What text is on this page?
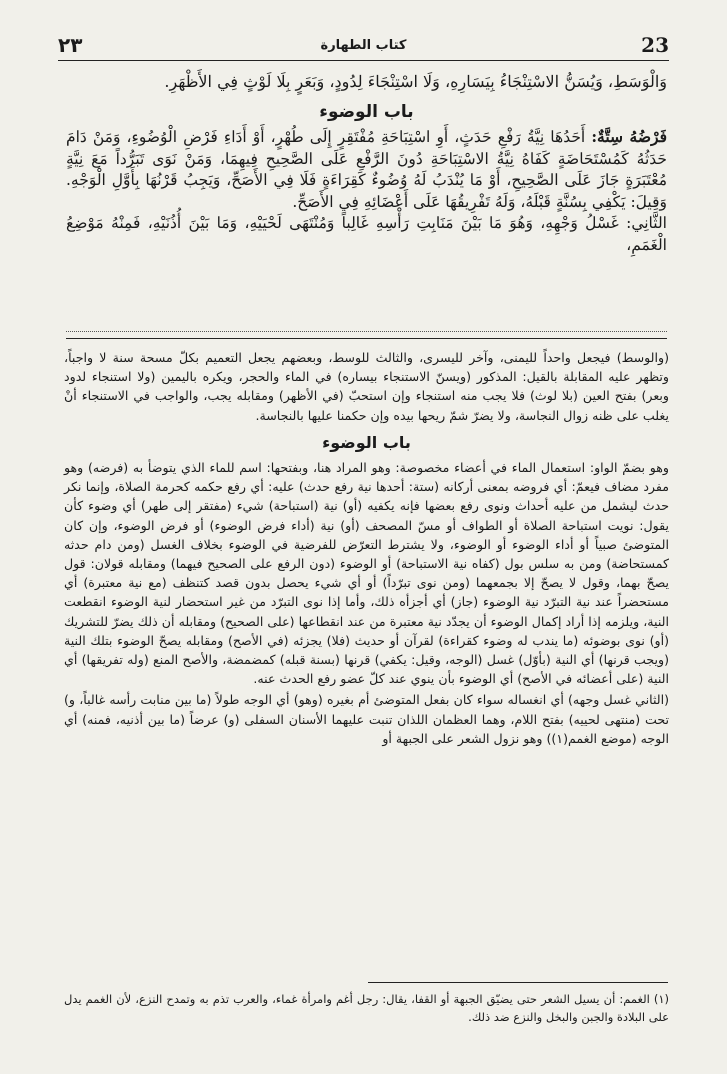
٢٣	كتاب الطهارة	23

وَالْوَسَطِ، وَيُسَنُّ الاسْتِنْجَاءُ بِيَسَارِهِ، وَلَا اسْتِنْجَاءَ لِدُودٍ، وَبَعَرٍ بِلَا لَوْثٍ فِي الأَظْهَرِ.

باب الوضوء

فَرْضُهُ سِتَّةٌ: أَحَدُهَا نِيَّةُ رَفْعِ حَدَثٍ، أَوِ اسْتِبَاحَةِ مُفْتَقِرٍ إِلَى طُهْرٍ، أَوْ أَدَاءِ فَرْضِ الْوُضُوءِ، وَمَنْ دَامَ حَدَثُهُ كَمُسْتَحَاضَةٍ كَفَاهُ نِيَّةُ الاسْتِبَاحَةِ دُونَ الرَّفْعِ عَلَى الصَّحِيحِ فِيهِمَا، وَمَنْ نَوَى تَبَرُّداً مَعَ نِيَّةٍ مُعْتَبَرَةٍ جَازَ عَلَى الصَّحِيحِ، أَوْ مَا يُنْدَبُ لَهُ وُضُوءٌ كَقِرَاءَةٍ فَلَا فِي الأَصَحِّ، وَيَجِبُ قَرْنُهَا بِأَوَّلِ الْوَجْهِ. وَقِيلَ: يَكْفِي بِسُنَّةٍ قَبْلَهُ، وَلَهُ تَفْرِيقُهَا عَلَى أَعْضَائِهِ فِي الأَصَحِّ.

الثَّانِي: غَسْلُ وَجْهِهِ، وَهُوَ مَا بَيْنَ مَنَابِتِ رَأْسِهِ غَالِباً وَمُنْتَهَى لَحْيَيْهِ، وَمَا بَيْنَ أُذُنَيْهِ، فَمِنْهُ مَوْضِعُ الْغَمَمِ،

(والوسط) فيجعل واحداً لليمنى، وآخر لليسرى، والثالث للوسط، وبعضهم يجعل التعميم بكلّ مسحة سنة لا واجباً، وتظهر عليه المقابلة بالقيل: المذكور (ويسنّ الاستنجاء بيساره) في الماء والحجر، ويكره باليمين (ولا استنجاء لدود وبعر) بفتح العين (بلا لوث) فلا يجب منه استنجاء وإن استحبّ (في الأظهر) ومقابله يجب، والواجب في الاستنجاء أنْ يغلب على ظنه زوال النجاسة، ولا يضرّ شمّ ريحها بيده وإن حكمنا عليها بالنجاسة.

باب الوضوء

وهو بضمّ الواو: استعمال الماء في أعضاء مخصوصة: وهو المراد هنا، وبفتحها: اسم للماء الذي يتوضأ به (فرضه) وهو مفرد مضاف فيعمّ: أي فروضه بمعنى أركانه (ستة: أحدها نية رفع حدث) عليه: أي رفع حكمه كحرمة الصلاة، وإنما نكر حدث ليشمل من عليه أحداث ونوى رفع بعضها فإنه يكفيه (أو) نية (استباحة) شيء (مفتقر إلى طهر) أي وضوء كأن يقول: نويت استباحة الصلاة أو الطواف أو مسّ المصحف (أو) نية (أداء فرض الوضوء) أو فرض الوضوء، وإن كان المتوضئ صبياً أو أداء الوضوء أو الوضوء، ولا يشترط التعرّض للفرضية في الوضوء بخلاف الغسل (ومن دام حدثه كمستحاضة) ومن به سلس بول (كفاه نية الاستباحة) أو الوضوء (دون الرفع على الصحيح فيهما) ومقابله قولان: قول يصحّ بهما، وقول لا يصحّ إلا بجمعهما (ومن نوى تبرّداً) أو أي شيء يحصل بدون قصد كتنظف (مع نية معتبرة) أي مستحضراً عند نية التبرّد نية الوضوء (جاز) أي أجزأه ذلك، وأما إذا نوى التبرّد من غير استحضار لنية الوضوء انقطعت النية، ويلزمه إذا أراد إكمال الوضوء أن يجدّد نية معتبرة من عند انقطاعها (على الصحيح) ومقابله أن ذلك يضرّ للتشريك (أو) نوى بوضوئه (ما يندب له وضوء كقراءة) لقرآن أو حديث (فلا) يجزئه (في الأصح) ومقابله يصحّ الوضوء بتلك النية (ويجب قرنها) أي النية (بأوّل) غسل (الوجه، وقيل: يكفي) قرنها (بسنة قبله) كمضمضة، والأصح المنع (وله تفريقها) أي النية (على أعضائه في الأصح) أي الوضوء بأن ينوي عند كلّ عضو رفع الحدث عنه.

(الثاني غسل وجهه) أي انغساله سواء كان بفعل المتوضئ أم بغيره (وهو) أي الوجه طولاً (ما بين منابت رأسه غالباً، و) تحت (منتهى لحييه) بفتح اللام، وهما العظمان اللذان تنبت عليهما الأسنان السفلى (و) عرضاً (ما بين أذنيه، فمنه) أي الوجه (موضع الغمم(١)) وهو نزول الشعر على الجبهة أو

(١) الغمم: أن يسيل الشعر حتى يضيّق الجبهة أو القفا، يقال: رجل أغم وامرأة غماء، والعرب تذم به وتمدح النزع، لأن الغمم يدل على البلادة والجبن والبخل والنزع ضد ذلك.
